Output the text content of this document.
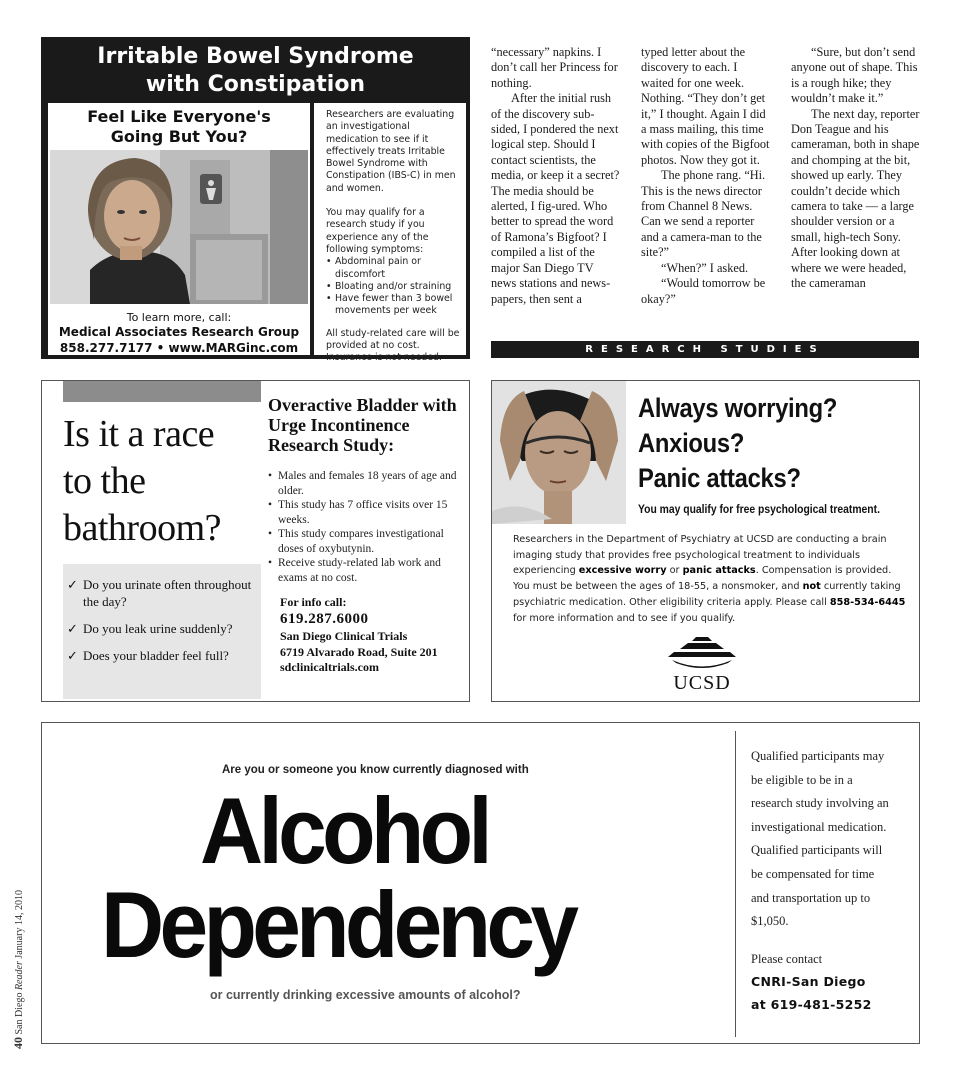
Irritable Bowel Syndrome
with Constipation
Feel Like Everyone's
Going But You?
To learn more, call:
Medical Associates Research Group
858.277.7177 • www.MARGinc.com

Researchers are evaluating an investigational medication to see if it effectively treats Irritable Bowel Syndrome with Constipation (IBS-C) in men and women.

You may qualify for a research study if you experience any of the following symptoms:

• Abdominal pain or discomfort
• Bloating and/or straining
• Have fewer than 3 bowel movements per week

All study-related care will be provided at no cost. Insurance is not needed.

“necessary” napkins. I don’t call her Princess for nothing.

After the initial rush of the discovery sub-sided, I pondered the next logical step. Should I contact scientists, the media, or keep it a secret? The media should be alerted, I fig-ured. Who better to spread the word of Ramona’s Bigfoot? I compiled a list of the major San Diego TV news stations and news-papers, then sent a

typed letter about the discovery to each. I waited for one week. Nothing. “They don’t get it,” I thought. Again I did a mass mailing, this time with copies of the Bigfoot photos. Now they got it.

The phone rang. “Hi. This is the news director from Channel 8 News. Can we send a reporter and a camera-man to the site?”

“When?” I asked.

“Would tomorrow be okay?”

“Sure, but don’t send anyone out of shape. This is a rough hike; they wouldn’t make it.”

The next day, reporter Don Teague and his cameraman, both in shape and chomping at the bit, showed up early. They couldn’t decide which camera to take — a large shoulder version or a small, high-tech Sony. After looking down at where we were headed, the cameraman

RESEARCH STUDIES
Is it a race
to the
bathroom?
✓ Do you urinate often throughout the day?
✓ Do you leak urine suddenly?
✓ Does your bladder feel full?
Overactive Bladder with Urge Incontinence Research Study:
• Males and females 18 years of age and older.
• This study has 7 office visits over 15 weeks.
• This study compares investigational doses of oxybutynin.
• Receive study-related lab work and exams at no cost.
For info call:
619.287.6000
San Diego Clinical Trials
6719 Alvarado Road, Suite 201
sdclinicaltrials.com
Always worrying?
Anxious?
Panic attacks?
You may qualify for free psychological treatment.
Researchers in the Department of Psychiatry at UCSD are conducting a brain imaging study that provides free psychological treatment to individuals experiencing excessive worry or panic attacks. Compensation is provided. You must be between the ages of 18-55, a nonsmoker, and not currently taking psychiatric medication. Other eligibility criteria apply. Please call 858-534-6445 for more information and to see if you qualify.
UCSD
Are you or someone you know currently diagnosed with
Alcohol
Dependency
or currently drinking excessive amounts of alcohol?
Qualified participants may
be eligible to be in a
research study involving an
investigational medication.
Qualified participants will
be compensated for time
and transportation up to
$1,050.
Please contact
CNRI-San Diego
at 619-481-5252
40 San Diego Reader January 14, 2010
